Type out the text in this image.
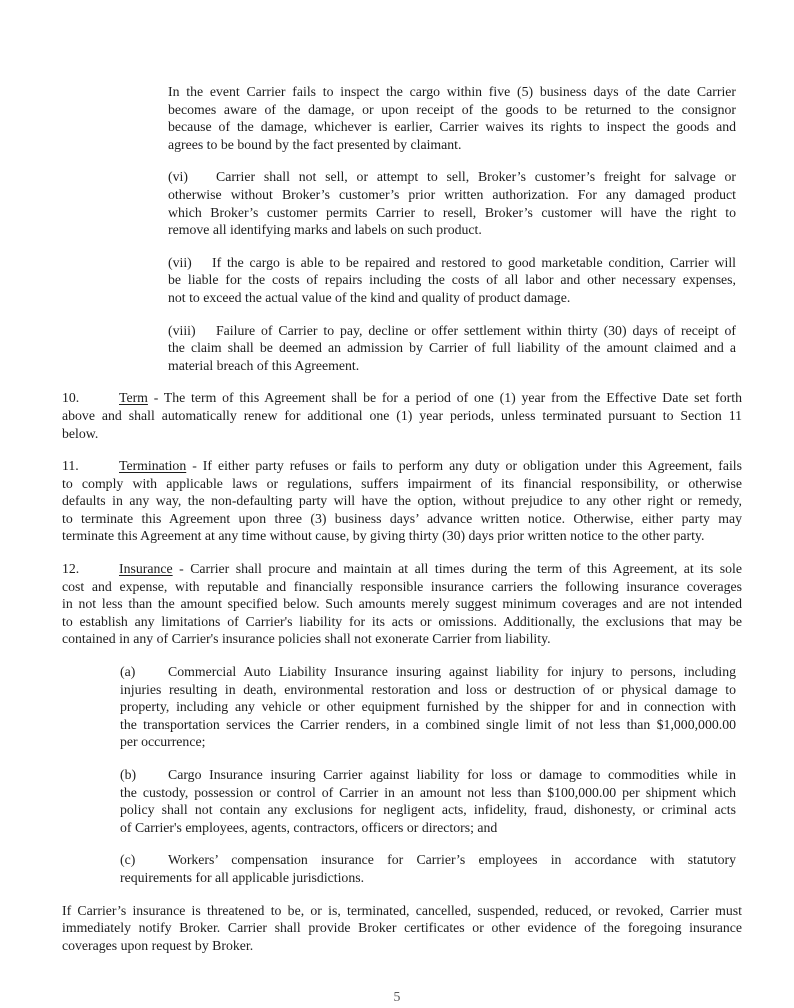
In the event Carrier fails to inspect the cargo within five (5) business days of the date Carrier
becomes aware of the damage, or upon receipt of the goods to be returned to the consignor
because of the damage, whichever is earlier, Carrier waives its rights to inspect the goods and
agrees to be bound by the fact presented by claimant.
(vi)	Carrier shall not sell, or attempt to sell, Broker’s customer’s freight for salvage or
otherwise without Broker’s customer’s prior written authorization. For any damaged product
which Broker’s customer permits Carrier to resell, Broker’s customer will have the right to
remove all identifying marks and labels on such product.
(vii)	If the cargo is able to be repaired and restored to good marketable condition, Carrier will
be liable for the costs of repairs including the costs of all labor and other necessary expenses,
not to exceed the actual value of the kind and quality of product damage.
(viii)	Failure of Carrier to pay, decline or offer settlement within thirty (30) days of receipt of
the claim shall be deemed an admission by Carrier of full liability of the amount claimed and a
material breach of this Agreement.
10.	Term - The term of this Agreement shall be for a period of one (1) year from the Effective Date set forth
above and shall automatically renew for additional one (1) year periods, unless terminated pursuant to Section 11
below.
11.	Termination - If either party refuses or fails to perform any duty or obligation under this Agreement, fails
to comply with applicable laws or regulations, suffers impairment of its financial responsibility, or otherwise
defaults in any way, the non-defaulting party will have the option, without prejudice to any other right or remedy,
to terminate this Agreement upon three (3) business days’ advance written notice. Otherwise, either party may
terminate this Agreement at any time without cause, by giving thirty (30) days prior written notice to the other party.
12.	Insurance - Carrier shall procure and maintain at all times during the term of this Agreement, at its sole
cost and expense, with reputable and financially responsible insurance carriers the following insurance coverages
in not less than the amount specified below. Such amounts merely suggest minimum coverages and are not intended
to establish any limitations of Carrier's liability for its acts or omissions. Additionally, the exclusions that may be
contained in any of Carrier's insurance policies shall not exonerate Carrier from liability.
(a)	Commercial Auto Liability Insurance insuring against liability for injury to persons, including
injuries resulting in death, environmental restoration and loss or destruction of or physical damage to
property, including any vehicle or other equipment furnished by the shipper for and in connection with
the transportation services the Carrier renders, in a combined single limit of not less than $1,000,000.00
per occurrence;
(b)	Cargo Insurance insuring Carrier against liability for loss or damage to commodities while in
the custody, possession or control of Carrier in an amount not less than $100,000.00 per shipment which
policy shall not contain any exclusions for negligent acts, infidelity, fraud, dishonesty, or criminal acts
of Carrier's employees, agents, contractors, officers or directors; and
(c)	Workers’ compensation insurance for Carrier’s employees in accordance with statutory
requirements for all applicable jurisdictions.
If Carrier’s insurance is threatened to be, or is, terminated, cancelled, suspended, reduced, or revoked, Carrier must
immediately notify Broker. Carrier shall provide Broker certificates or other evidence of the foregoing insurance
coverages upon request by Broker.
5
